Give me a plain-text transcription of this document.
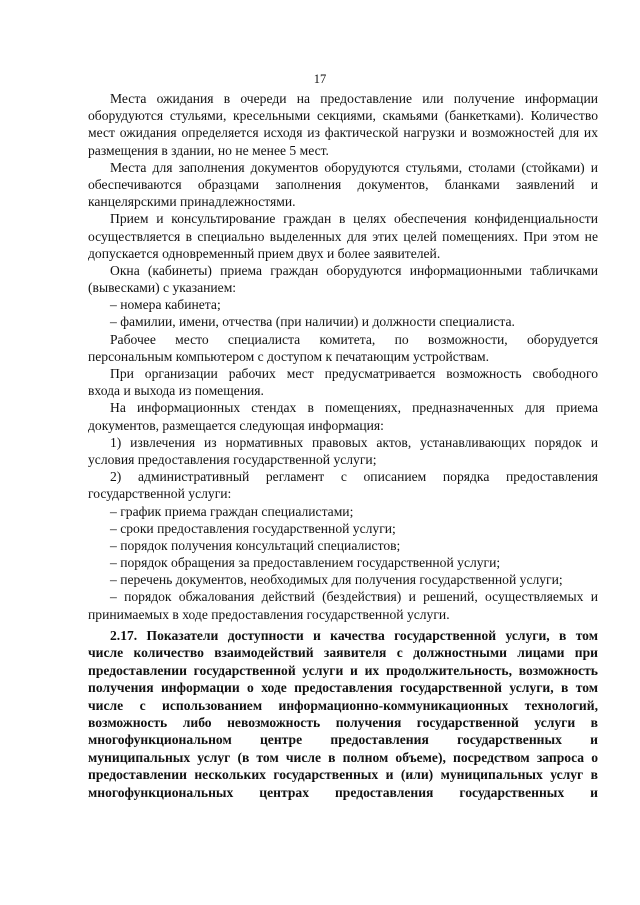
17
Места ожидания в очереди на предоставление или получение информации
оборудуются стульями, кресельными секциями, скамьями (банкетками). Количество
мест ожидания определяется исходя из фактической нагрузки и возможностей для их
размещения в здании, но не менее 5 мест.
Места для заполнения документов оборудуются стульями, столами (стойками) и
обеспечиваются образцами заполнения документов, бланками заявлений и
канцелярскими принадлежностями.
Прием и консультирование граждан в целях обеспечения конфиденциальности
осуществляется в специально выделенных для этих целей помещениях. При этом не
допускается одновременный прием двух и более заявителей.
Окна (кабинеты) приема граждан оборудуются информационными табличками
(вывесками) с указанием:
– номера кабинета;
– фамилии, имени, отчества (при наличии) и должности специалиста.
Рабочее место специалиста комитета, по возможности, оборудуется
персональным компьютером с доступом к печатающим устройствам.
При организации рабочих мест предусматривается возможность свободного
входа и выхода из помещения.
На информационных стендах в помещениях, предназначенных для приема
документов, размещается следующая информация:
1) извлечения из нормативных правовых актов, устанавливающих порядок и
условия предоставления государственной услуги;
2) административный регламент с описанием порядка предоставления
государственной услуги:
– график приема граждан специалистами;
– сроки предоставления государственной услуги;
– порядок получения консультаций специалистов;
– порядок обращения за предоставлением государственной услуги;
– перечень документов, необходимых для получения государственной услуги;
– порядок обжалования действий (бездействия) и решений, осуществляемых и
принимаемых в ходе предоставления государственной услуги.
2.17. Показатели доступности и качества государственной услуги, в том
числе количество взаимодействий заявителя с должностными лицами при
предоставлении государственной услуги и их продолжительность, возможность
получения информации о ходе предоставления государственной услуги, в том
числе с использованием информационно-коммуникационных технологий,
возможность либо невозможность получения государственной услуги в
многофункциональном центре предоставления государственных и
муниципальных услуг (в том числе в полном объеме), посредством запроса о
предоставлении нескольких государственных и (или) муниципальных услуг в
многофункциональных центрах предоставления государственных и
